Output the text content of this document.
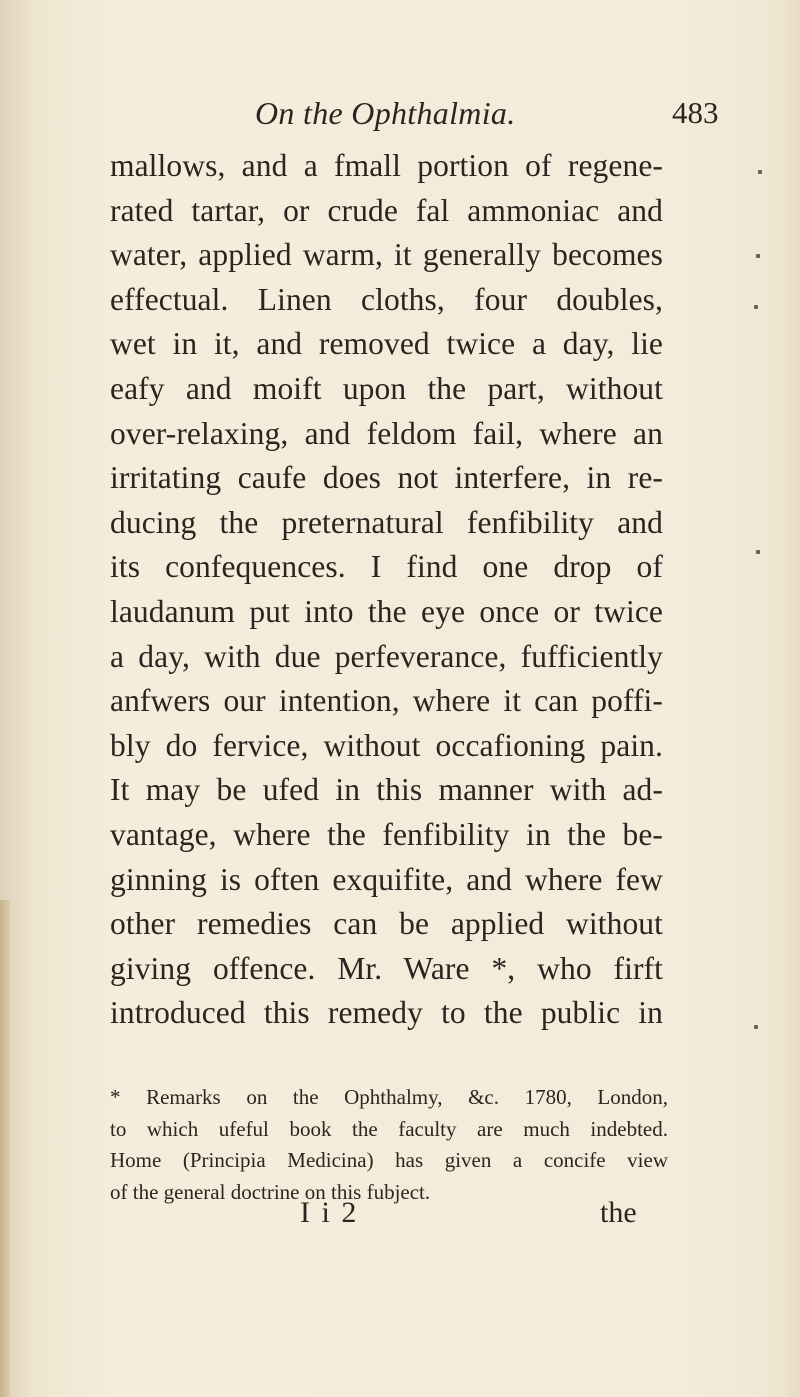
On the Ophthalmia.	483
mallows, and a fmall portion of regene-
rated tartar, or crude fal ammoniac and
water, applied warm, it generally becomes
effectual. Linen cloths, four doubles,
wet in it, and removed twice a day, lie
eafy and moift upon the part, without
over-relaxing, and feldom fail, where an
irritating caufe does not interfere, in re-
ducing the preternatural fenfibility and
its confequences. I find one drop of
laudanum put into the eye once or twice
a day, with due perfeverance, fufficiently
anfwers our intention, where it can poffi-
bly do fervice, without occafioning pain.
It may be ufed in this manner with ad-
vantage, where the fenfibility in the be-
ginning is often exquifite, and where few
other remedies can be applied without
giving offence. Mr. Ware *, who firft
introduced this remedy to the public in
* Remarks on the Ophthalmy, &c. 1780, London,
to which ufeful book the faculty are much indebted.
Home (Principia Medicina) has given a concife view
of the general doctrine on this fubject.
I i 2	the
